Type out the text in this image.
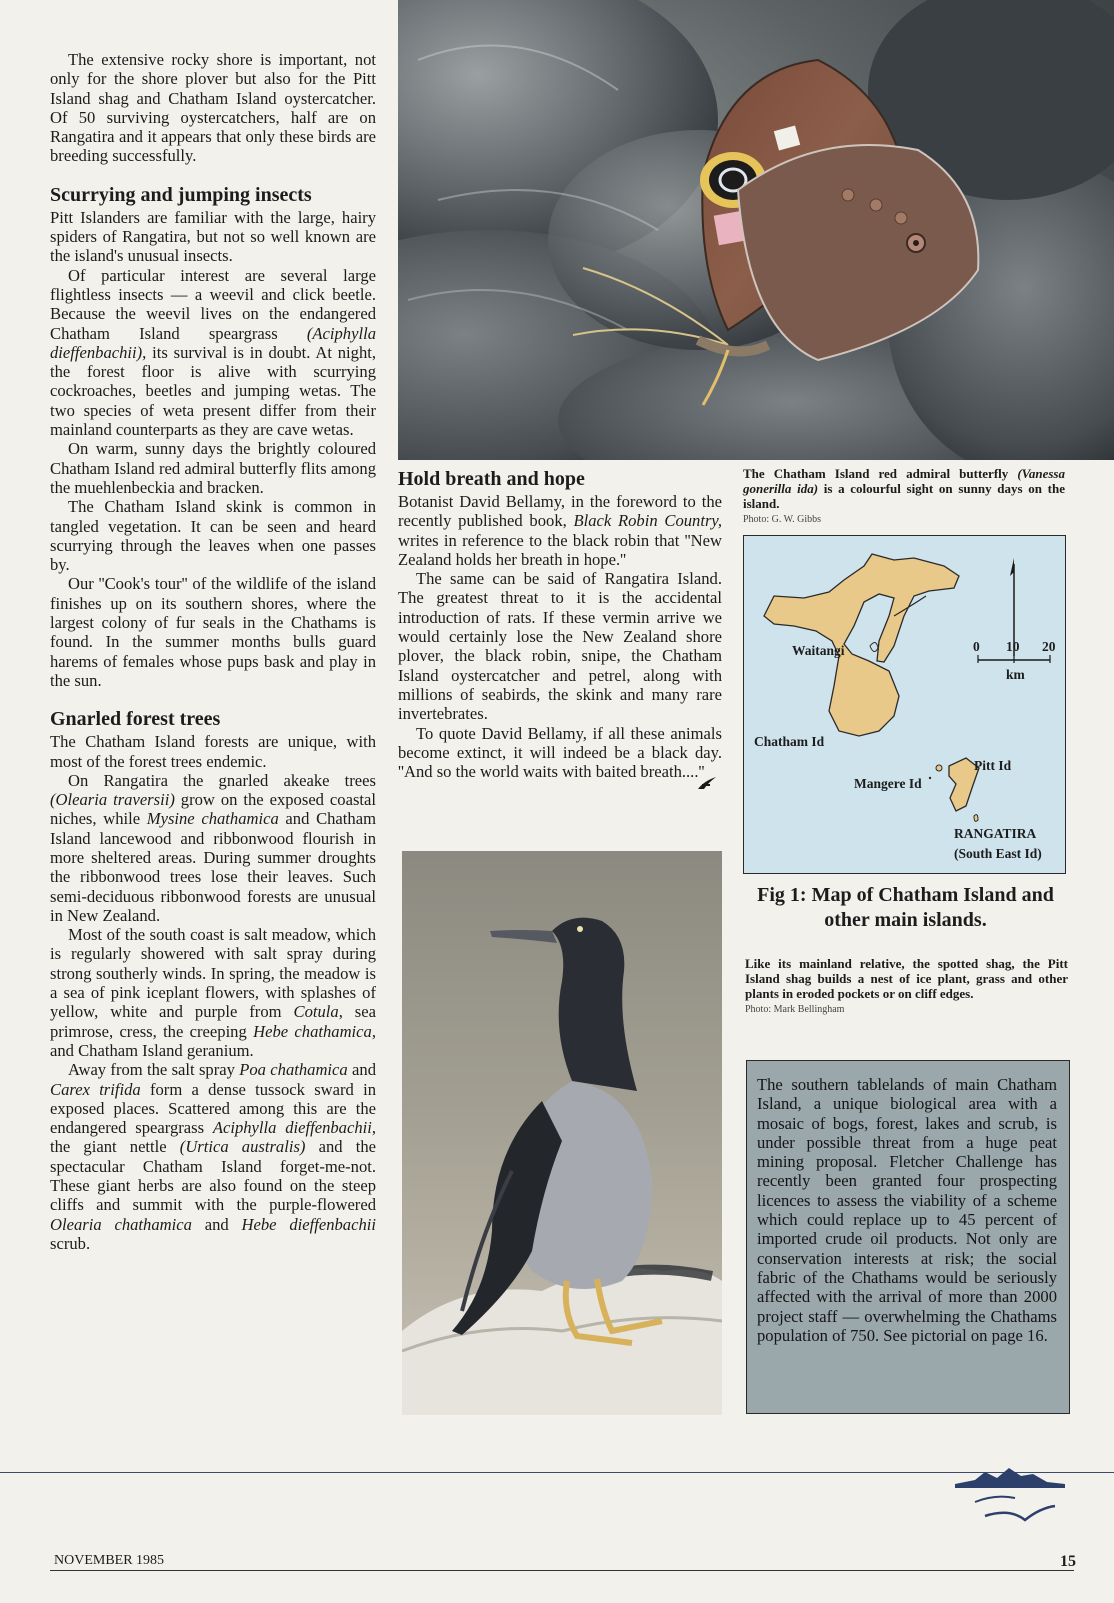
The extensive rocky shore is important, not only for the shore plover but also for the Pitt Island shag and Chatham Island oystercatcher. Of 50 surviving oystercatchers, half are on Rangatira and it appears that only these birds are breeding successfully.

Scurrying and jumping insects

Pitt Islanders are familiar with the large, hairy spiders of Rangatira, but not so well known are the island's unusual insects.

Of particular interest are several large flightless insects — a weevil and click beetle. Because the weevil lives on the endangered Chatham Island speargrass (Aciphylla dieffenbachii), its survival is in doubt. At night, the forest floor is alive with scurrying cockroaches, beetles and jumping wetas. The two species of weta present differ from their mainland counterparts as they are cave wetas.

On warm, sunny days the brightly coloured Chatham Island red admiral butterfly flits among the muehlenbeckia and bracken.

The Chatham Island skink is common in tangled vegetation. It can be seen and heard scurrying through the leaves when one passes by.

Our ''Cook's tour'' of the wildlife of the island finishes up on its southern shores, where the largest colony of fur seals in the Chathams is found. In the summer months bulls guard harems of females whose pups bask and play in the sun.

Gnarled forest trees

The Chatham Island forests are unique, with most of the forest trees endemic.

On Rangatira the gnarled akeake trees (Olearia traversii) grow on the exposed coastal niches, while Mysine chathamica and Chatham Island lancewood and ribbonwood flourish in more sheltered areas. During summer droughts the ribbonwood trees lose their leaves. Such semi-deciduous ribbonwood forests are unusual in New Zealand.

Most of the south coast is salt meadow, which is regularly showered with salt spray during strong southerly winds. In spring, the meadow is a sea of pink iceplant flowers, with splashes of yellow, white and purple from Cotula, sea primrose, cress, the creeping Hebe chathamica, and Chatham Island geranium.

Away from the salt spray Poa chathamica and Carex trifida form a dense tussock sward in exposed places. Scattered among this are the endangered speargrass Aciphylla dieffenbachii, the giant nettle (Urtica australis) and the spectacular Chatham Island forget-me-not. These giant herbs are also found on the steep cliffs and summit with the purple-flowered Olearia chathamica and Hebe dieffenbachii scrub.

Hold breath and hope

Botanist David Bellamy, in the foreword to the recently published book, Black Robin Country, writes in reference to the black robin that ''New Zealand holds her breath in hope.''

The same can be said of Rangatira Island. The greatest threat to it is the accidental introduction of rats. If these vermin arrive we would certainly lose the New Zealand shore plover, the black robin, snipe, the Chatham Island oystercatcher and petrel, along with millions of seabirds, the skink and many rare invertebrates.

To quote David Bellamy, if all these animals become extinct, it will indeed be a black day. ''And so the world waits with baited breath....''

The Chatham Island red admiral butterfly (Vanessa gonerilla ida) is a colourful sight on sunny days on the island.
Photo: G. W. Gibbs
Waitangi
Chatham Id
Pitt Id
Mangere Id
RANGATIRA
(South East Id)
0 10 20
km
Fig 1: Map of Chatham Island and other main islands.
Like its mainland relative, the spotted shag, the Pitt Island shag builds a nest of ice plant, grass and other plants in eroded pockets or on cliff edges.
Photo: Mark Bellingham
The southern tablelands of main Chatham Island, a unique biological area with a mosaic of bogs, forest, lakes and scrub, is under possible threat from a huge peat mining proposal. Fletcher Challenge has recently been granted four prospecting licences to assess the viability of a scheme which could replace up to 45 percent of imported crude oil products. Not only are conservation interests at risk; the social fabric of the Chathams would be seriously affected with the arrival of more than 2000 project staff — overwhelming the Chathams population of 750. See pictorial on page 16.
NOVEMBER 1985	15
